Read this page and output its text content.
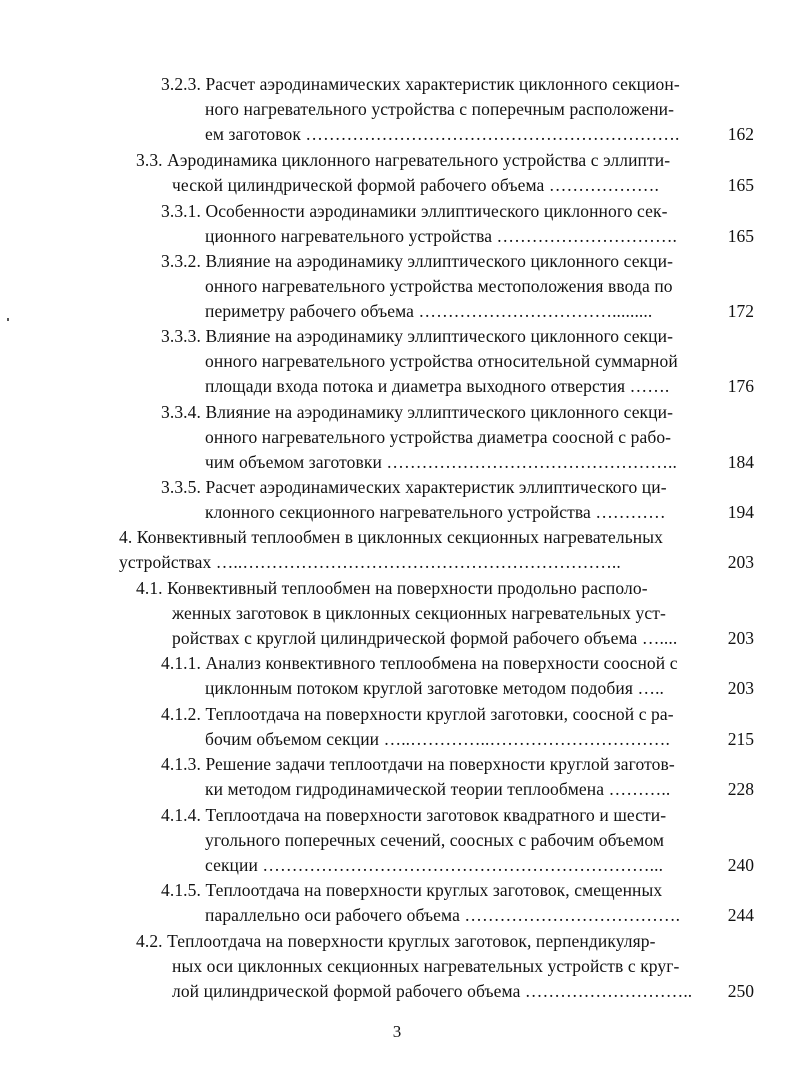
3.2.3. Расчет аэродинамических характеристик циклонного секцион-
ного нагревательного устройства с поперечным расположени-
ем заготовок ……………………………………………………….	162
3.3. Аэродинамика циклонного нагревательного устройства с эллипти-
ческой цилиндрической формой рабочего объема ……………….	165
3.3.1. Особенности аэродинамики эллиптического циклонного сек-
ционного нагревательного устройства ………………………….	165
3.3.2. Влияние на аэродинамику эллиптического циклонного секци-
онного нагревательного устройства местоположения ввода по
периметру рабочего объема …………………………….........	172
3.3.3. Влияние на аэродинамику эллиптического циклонного секци-
онного нагревательного устройства относительной суммарной
площади входа потока и диаметра выходного отверстия …….	176
3.3.4. Влияние на аэродинамику эллиптического циклонного секци-
онного нагревательного устройства диаметра соосной с рабо-
чим объемом заготовки …………………………………………..	184
3.3.5. Расчет аэродинамических характеристик эллиптического ци-
клонного секционного нагревательного устройства …………	194
4. Конвективный теплообмен в циклонных секционных нагревательных
устройствах …..………………………………………………………..	203
4.1. Конвективный теплообмен на поверхности продольно располо-
женных заготовок в циклонных секционных нагревательных уст-
ройствах с круглой цилиндрической формой рабочего объема …....	203
4.1.1. Анализ конвективного теплообмена на поверхности соосной с
циклонным потоком круглой заготовке методом подобия …..	203
4.1.2. Теплоотдача на поверхности круглой заготовки, соосной с ра-
бочим объемом секции …..…………..………………………….	215
4.1.3. Решение задачи теплоотдачи на поверхности круглой заготов-
ки методом гидродинамической теории теплообмена ………..	228
4.1.4. Теплоотдача на поверхности заготовок квадратного и шести-
угольного поперечных сечений, соосных с рабочим объемом
секции …………………………………………………………...	240
4.1.5. Теплоотдача на поверхности круглых заготовок, смещенных
параллельно оси рабочего объема ……………………………….	244
4.2. Теплоотдача на поверхности круглых заготовок, перпендикуляр-
ных оси циклонных секционных нагревательных устройств с круг-
лой цилиндрической формой рабочего объема ………………………..	250
3
